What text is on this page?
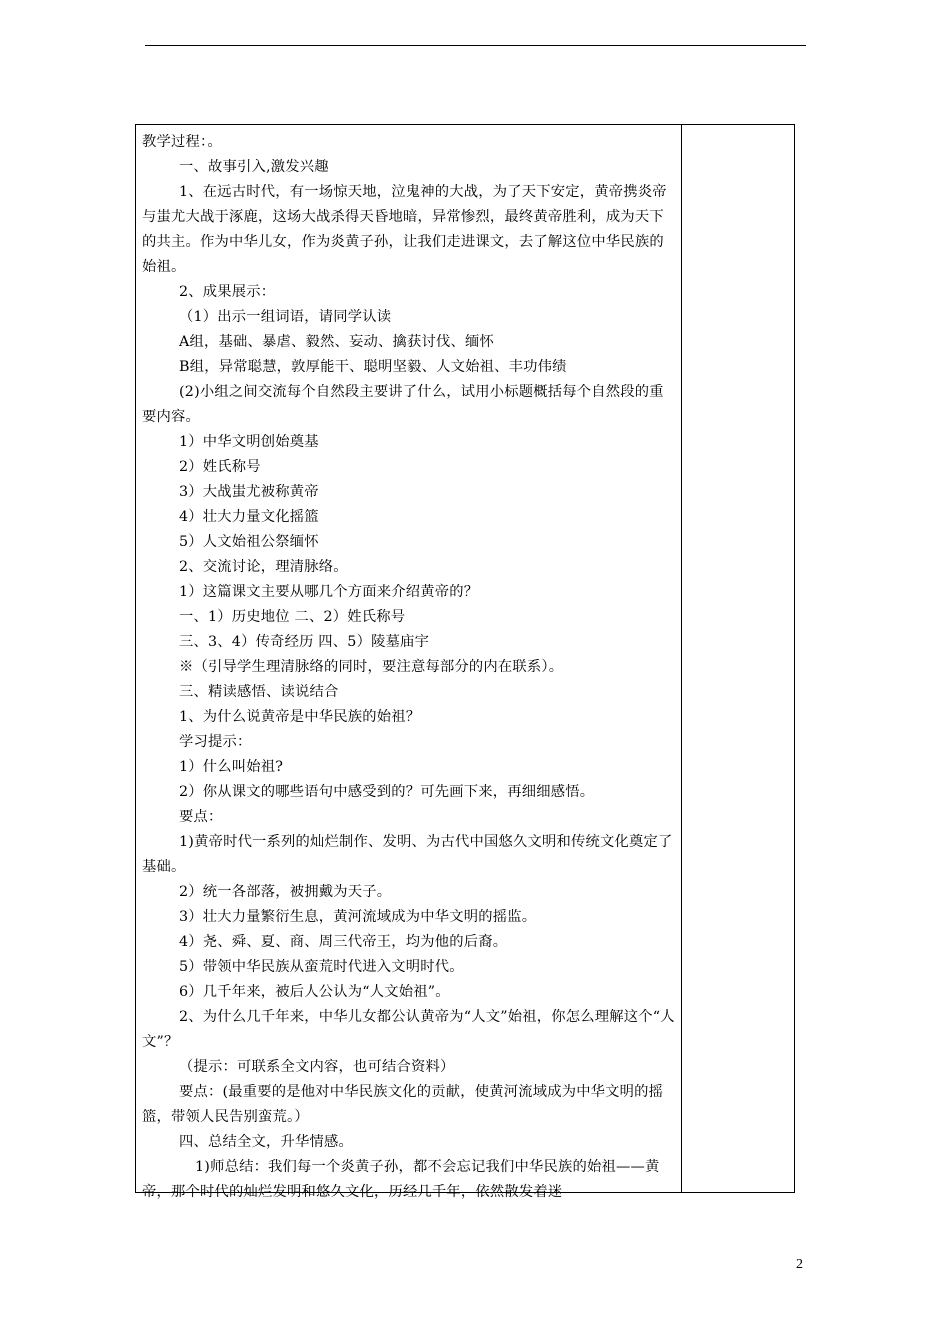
教学过程：。

一、故事引入,激发兴趣

1、在远古时代，有一场惊天地，泣鬼神的大战，为了天下安定，黄帝携炎帝与蚩尤大战于涿鹿，这场大战杀得天昏地暗，异常惨烈，最终黄帝胜利，成为天下的共主。作为中华儿女，作为炎黄子孙，让我们走进课文，去了解这位中华民族的始祖。

2、成果展示：

（1）出示一组词语，请同学认读

A组，基础、暴虐、毅然、妄动、擒获讨伐、缅怀

B组，异常聪慧，敦厚能干、聪明坚毅、人文始祖、丰功伟绩

(2)小组之间交流每个自然段主要讲了什么，试用小标题概括每个自然段的重要内容。

1）中华文明创始奠基

2）姓氏称号

3）大战蚩尤被称黄帝

4）壮大力量文化摇篮

5）人文始祖公祭缅怀

2、交流讨论，理清脉络。

1）这篇课文主要从哪几个方面来介绍黄帝的？

一、1）历史地位 二、2）姓氏称号

三、3、4）传奇经历 四、5）陵墓庙宇

※（引导学生理清脉络的同时，要注意每部分的内在联系）。

三、精读感悟、读说结合

1、为什么说黄帝是中华民族的始祖？

学习提示：

1）什么叫始祖?

2）你从课文的哪些语句中感受到的？可先画下来，再细细感悟。

要点：

1)黄帝时代一系列的灿烂制作、发明、为古代中国悠久文明和传统文化奠定了基础。

2）统一各部落，被拥戴为天子。

3）壮大力量繁衍生息，黄河流域成为中华文明的摇监。

4）尧、舜、夏、商、周三代帝王，均为他的后裔。

5）带领中华民族从蛮荒时代进入文明时代。

6）几千年来，被后人公认为“人文始祖”。

2、为什么几千年来，中华儿女都公认黄帝为“人文”始祖，你怎么理解这个“人文”？

（提示：可联系全文内容，也可结合资料）

要点：(最重要的是他对中华民族文化的贡献，使黄河流域成为中华文明的摇篮，带领人民告别蛮荒。）

四、总结全文，升华情感。

1)师总结：我们每一个炎黄子孙，都不会忘记我们中华民族的始祖——黄帝，那个时代的灿烂发明和悠久文化，历经几千年，依然散发着迷

2
